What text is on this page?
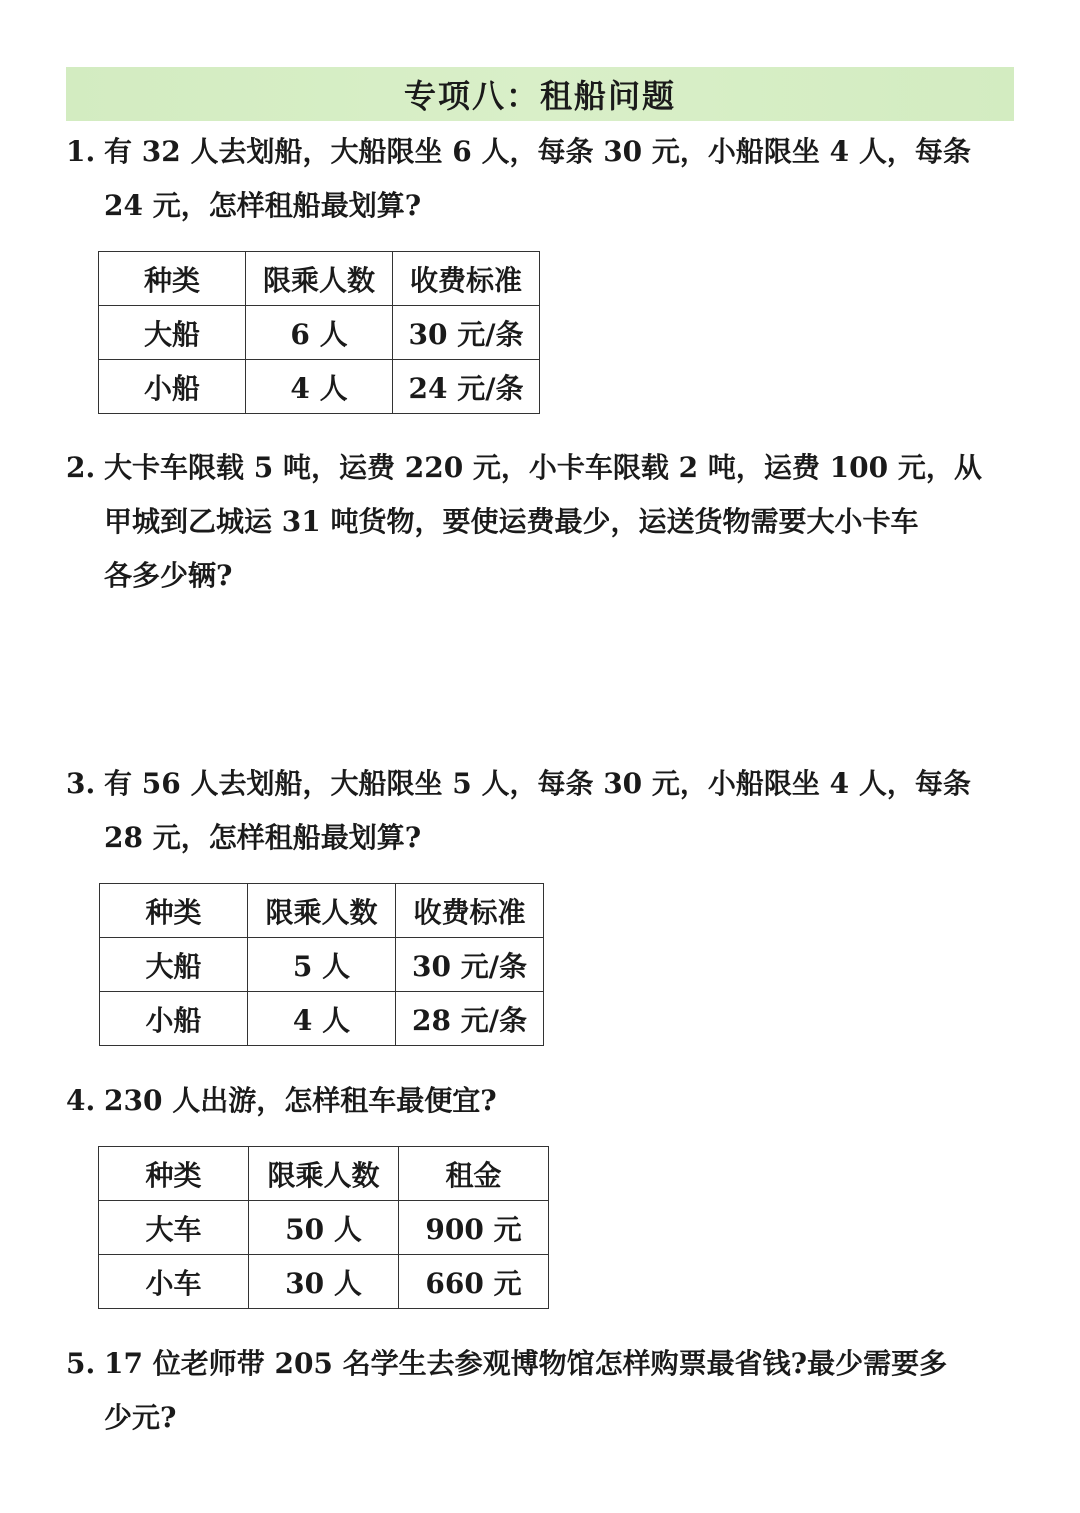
专项八：租船问题
1. 有 32 人去划船，大船限坐 6 人，每条 30 元，小船限坐 4 人，每条
24 元，怎样租船最划算?
种类	限乘人数	收费标准
大船	6 人	30 元/条
小船	4 人	24 元/条
2. 大卡车限载 5 吨，运费 220 元，小卡车限载 2 吨，运费 100 元，从
甲城到乙城运 31 吨货物，要使运费最少，运送货物需要大小卡车
各多少辆?
3. 有 56 人去划船，大船限坐 5 人，每条 30 元，小船限坐 4 人，每条
28 元，怎样租船最划算?
种类	限乘人数	收费标准
大船	5 人	30 元/条
小船	4 人	28 元/条
4. 230 人出游，怎样租车最便宜?
种类	限乘人数	租金
大车	50 人	900 元
小车	30 人	660 元
5. 17 位老师带 205 名学生去参观博物馆怎样购票最省钱?最少需要多
少元?
